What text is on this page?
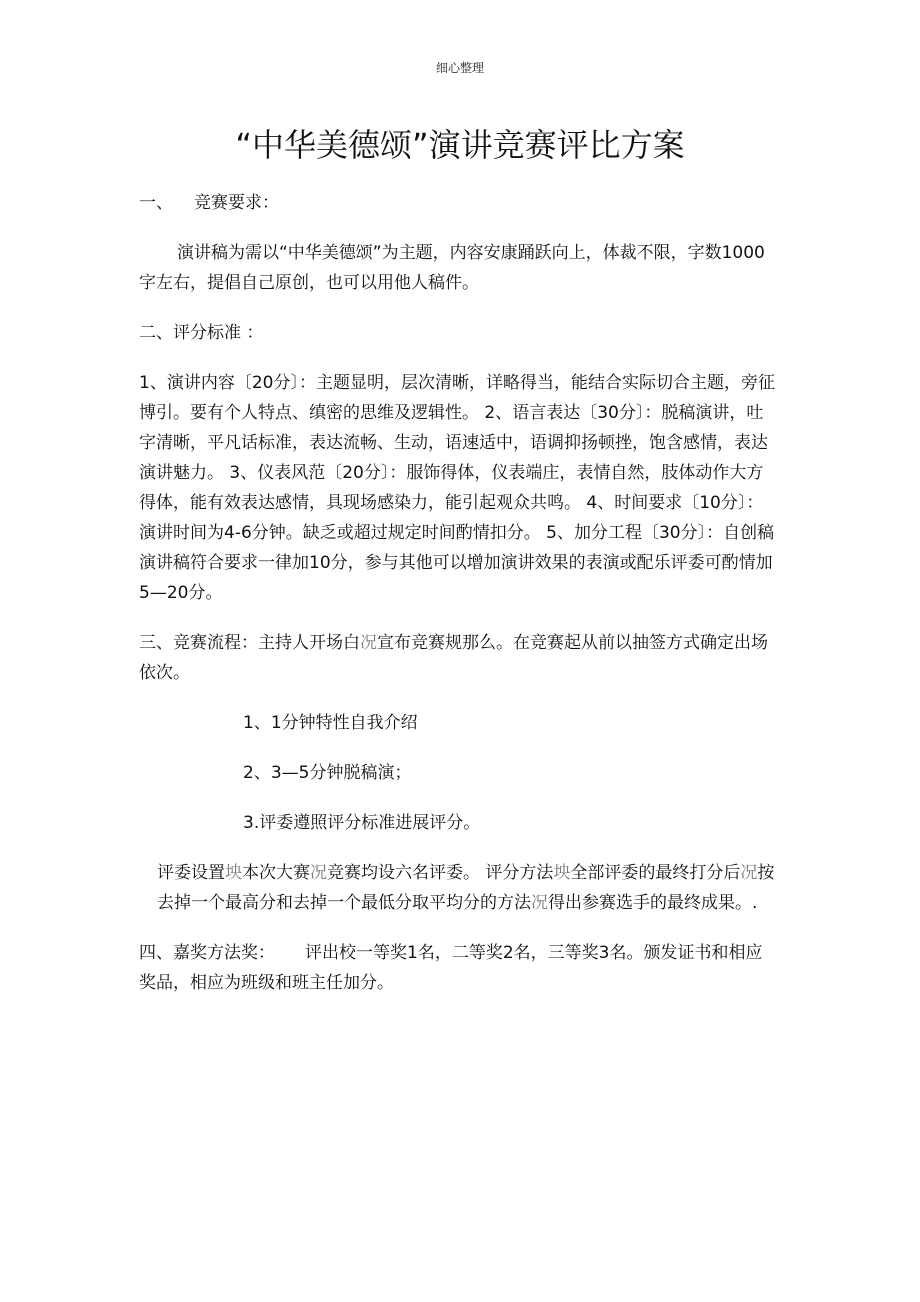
细心整理
“中华美德颂”演讲竞赛评比方案

一、 竞赛要求：

演讲稿为需以“中华美德颂”为主题，内容安康踊跃向上，体裁不限，字数1000字左右，提倡自己原创，也可以用他人稿件。

二、评分标准 ：

1、演讲内容〔20分〕：主题显明，层次清晰，详略得当，能结合实际切合主题，旁征博引。要有个人特点、缜密的思维及逻辑性。 2、语言表达〔30分〕：脱稿演讲，吐字清晰，平凡话标准，表达流畅、生动，语速适中，语调抑扬顿挫，饱含感情，表达演讲魅力。 3、仪表风范〔20分〕：服饰得体，仪表端庄，表情自然，肢体动作大方得体，能有效表达感情，具现场感染力，能引起观众共鸣。 4、时间要求〔10分〕：演讲时间为4-6分钟。缺乏或超过规定时间酌情扣分。 5、加分工程〔30分〕：自创稿演讲稿符合要求一律加10分，参与其他可以增加演讲效果的表演或配乐评委可酌情加5—20分。

三、竞赛流程：主持人开场白况宣布竞赛规那么。在竞赛起从前以抽签方式确定出场依次。

1、1分钟特性自我介绍

2、3—5分钟脱稿演；

3.评委遵照评分标准进展评分。

评委设置坱本次大赛况竞赛均设六名评委。 评分方法坱全部评委的最终打分后况按去掉一个最高分和去掉一个最低分取平均分的方法况得出参赛选手的最终成果。.

四、嘉奖方法奖： 评出校一等奖1名，二等奖2名，三等奖3名。颁发证书和相应奖品，相应为班级和班主任加分。
